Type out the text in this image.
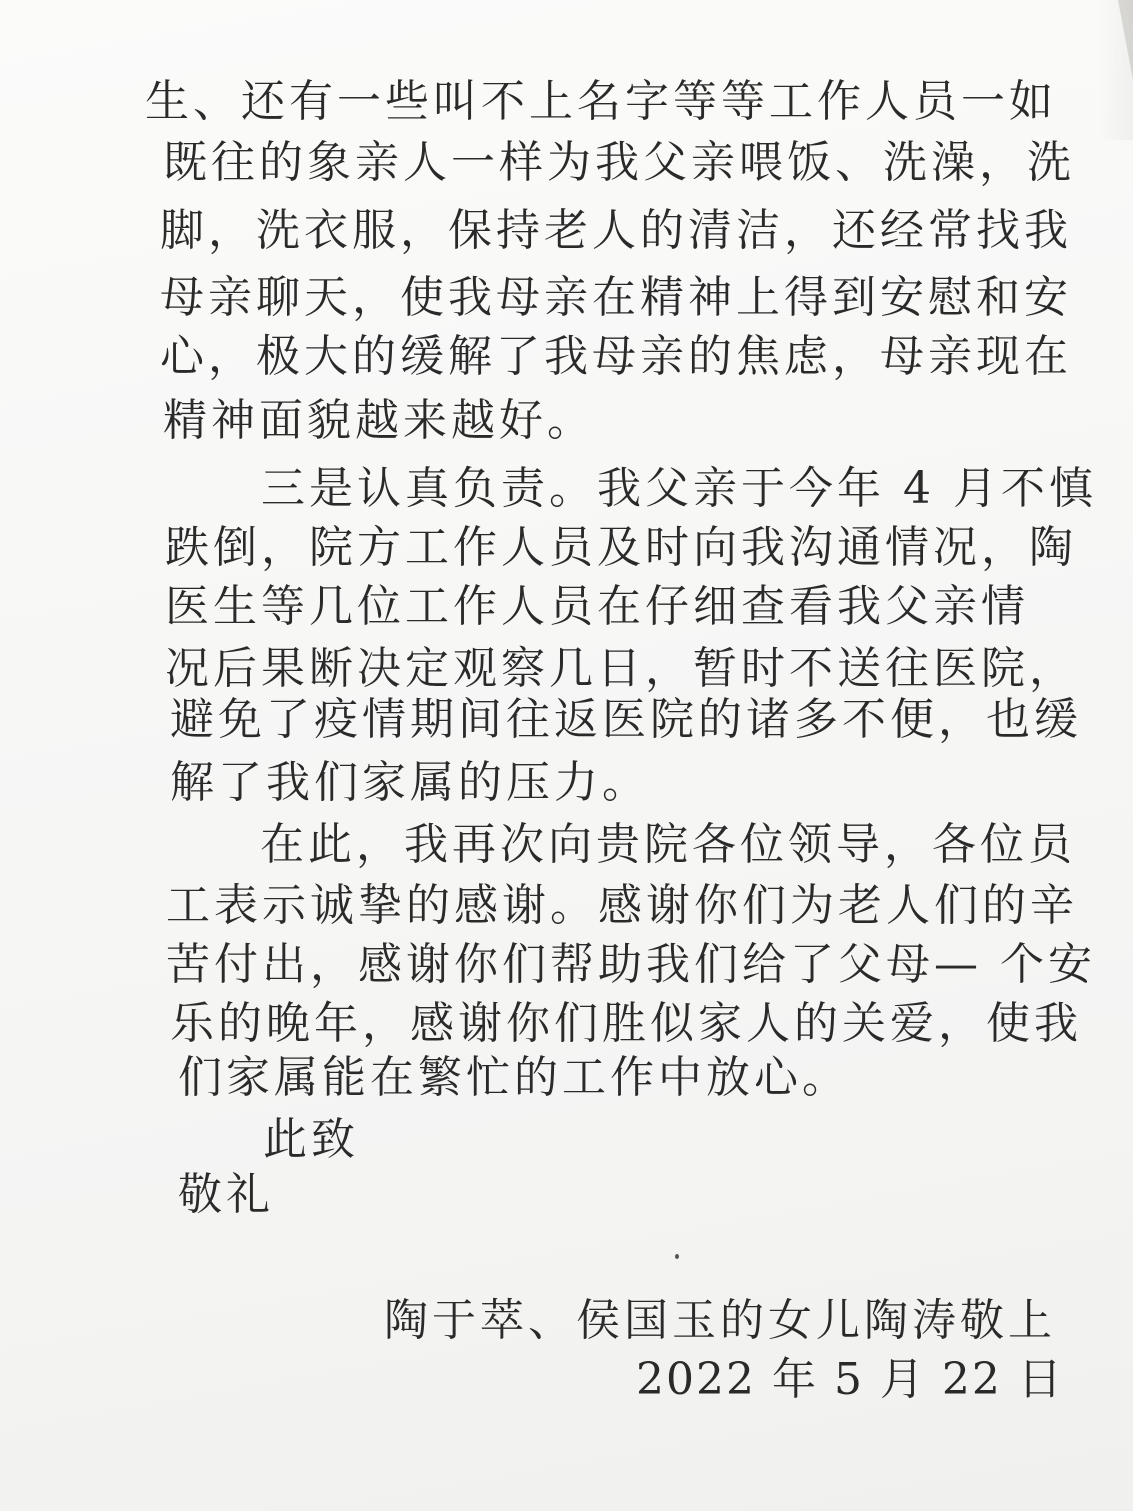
生、还有一些叫不上名字等等工作人员一如

既往的象亲人一样为我父亲喂饭、洗澡，洗

脚，洗衣服，保持老人的清洁，还经常找我

母亲聊天，使我母亲在精神上得到安慰和安

心，极大的缓解了我母亲的焦虑，母亲现在

精神面貌越来越好。

三是认真负责。我父亲于今年 4 月不慎

跌倒，院方工作人员及时向我沟通情况，陶

医生等几位工作人员在仔细查看我父亲情

况后果断决定观察几日，暂时不送往医院，

避免了疫情期间往返医院的诸多不便，也缓

解了我们家属的压力。

在此，我再次向贵院各位领导，各位员

工表示诚挚的感谢。感谢你们为老人们的辛

苦付出，感谢你们帮助我们给了父母— 个安

乐的晚年，感谢你们胜似家人的关爱，使我

们家属能在繁忙的工作中放心。

此致

敬礼

陶于萃、侯国玉的女儿陶涛敬上

2022 年 5 月 22 日
